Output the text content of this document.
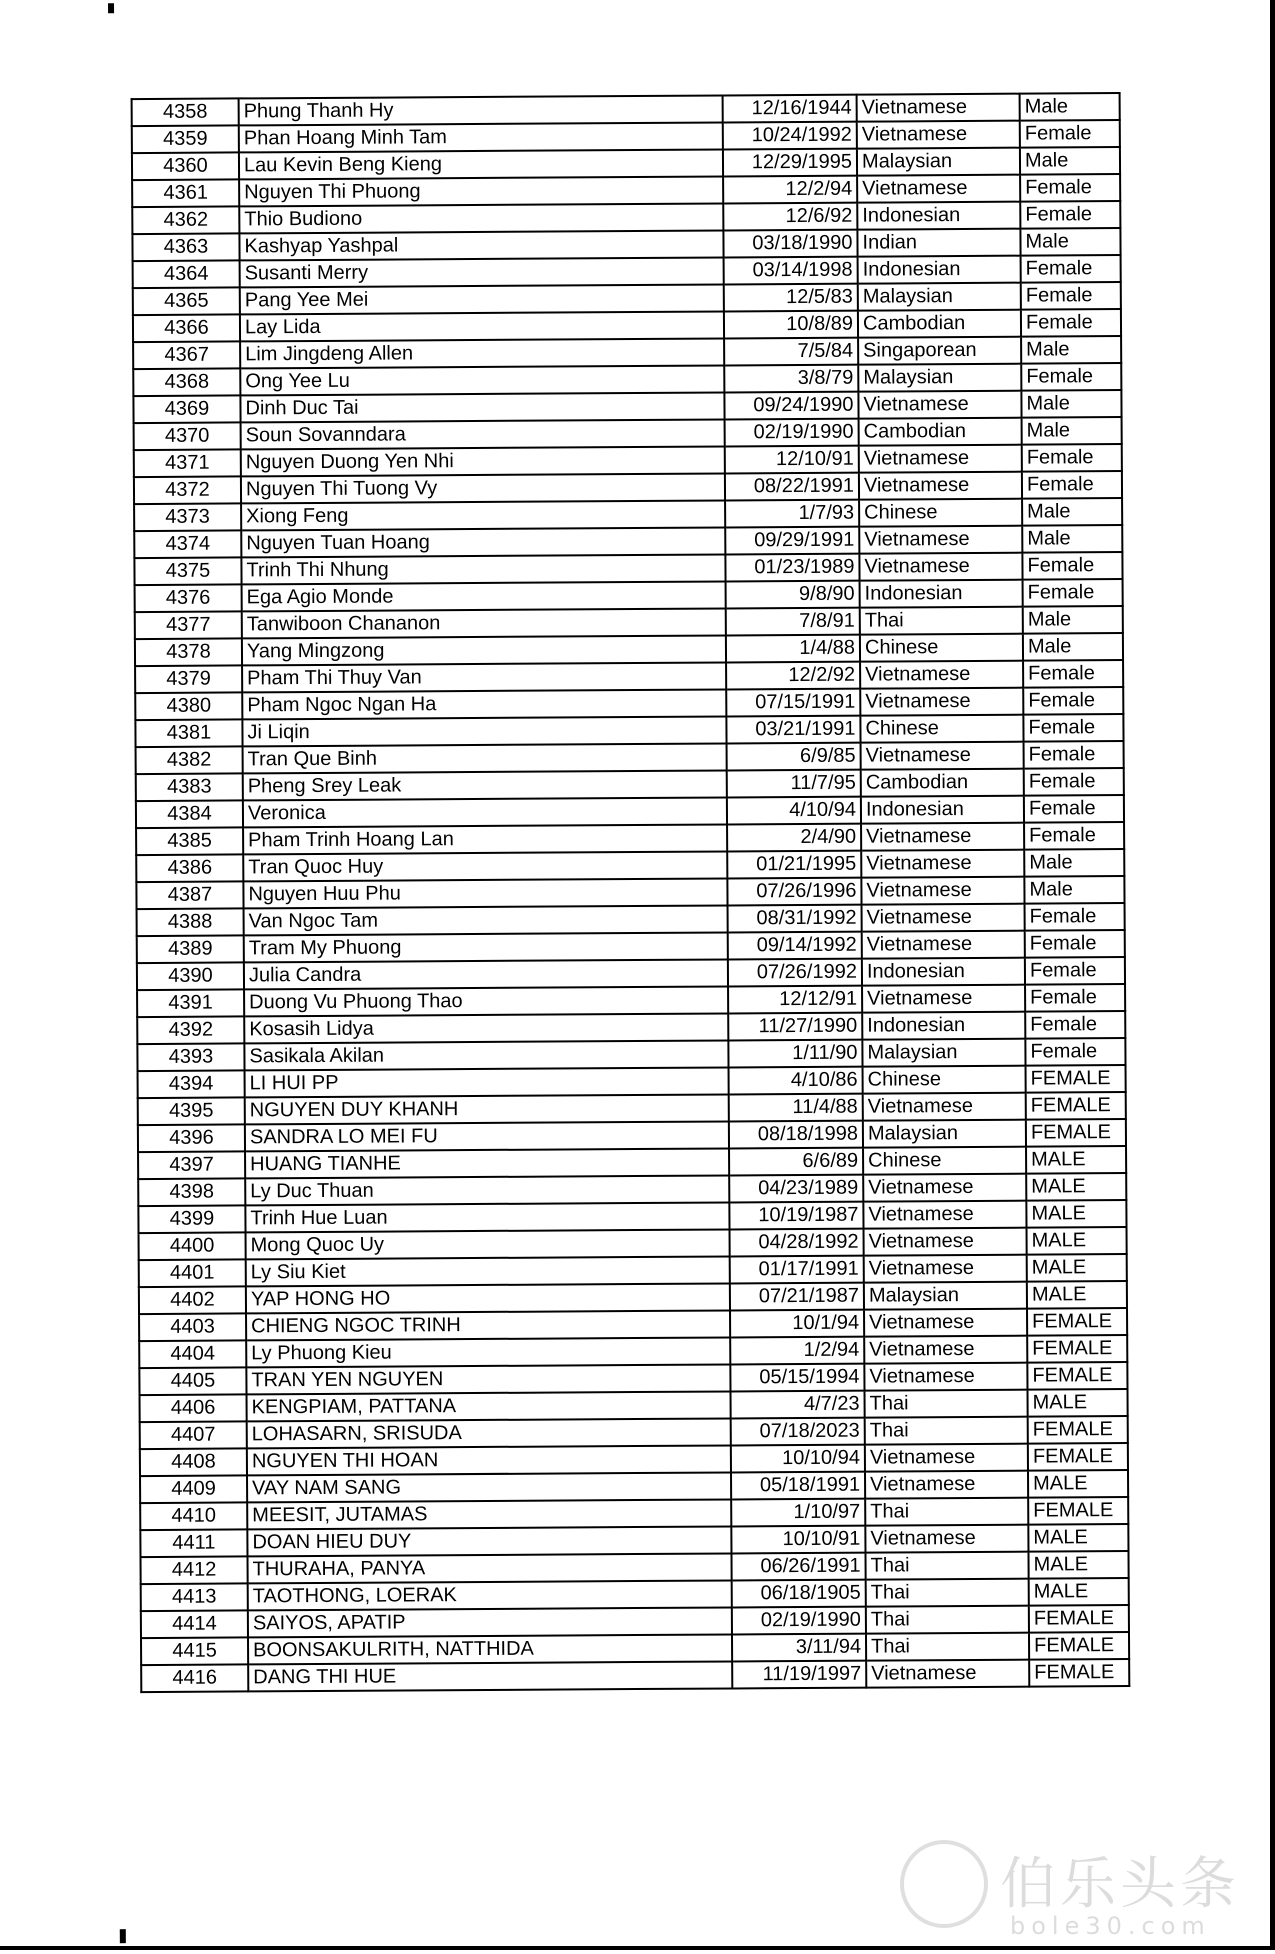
4358	Phung Thanh Hy	12/16/1944	Vietnamese	Male
4359	Phan Hoang Minh Tam	10/24/1992	Vietnamese	Female
4360	Lau Kevin Beng Kieng	12/29/1995	Malaysian	Male
4361	Nguyen Thi Phuong	12/2/94	Vietnamese	Female
4362	Thio Budiono	12/6/92	Indonesian	Female
4363	Kashyap Yashpal	03/18/1990	Indian	Male
4364	Susanti Merry	03/14/1998	Indonesian	Female
4365	Pang Yee Mei	12/5/83	Malaysian	Female
4366	Lay Lida	10/8/89	Cambodian	Female
4367	Lim Jingdeng Allen	7/5/84	Singaporean	Male
4368	Ong Yee Lu	3/8/79	Malaysian	Female
4369	Dinh Duc Tai	09/24/1990	Vietnamese	Male
4370	Soun Sovanndara	02/19/1990	Cambodian	Male
4371	Nguyen Duong Yen Nhi	12/10/91	Vietnamese	Female
4372	Nguyen Thi Tuong Vy	08/22/1991	Vietnamese	Female
4373	Xiong Feng	1/7/93	Chinese	Male
4374	Nguyen Tuan Hoang	09/29/1991	Vietnamese	Male
4375	Trinh Thi Nhung	01/23/1989	Vietnamese	Female
4376	Ega Agio Monde	9/8/90	Indonesian	Female
4377	Tanwiboon Chananon	7/8/91	Thai	Male
4378	Yang Mingzong	1/4/88	Chinese	Male
4379	Pham Thi Thuy Van	12/2/92	Vietnamese	Female
4380	Pham Ngoc Ngan Ha	07/15/1991	Vietnamese	Female
4381	Ji Liqin	03/21/1991	Chinese	Female
4382	Tran Que Binh	6/9/85	Vietnamese	Female
4383	Pheng Srey Leak	11/7/95	Cambodian	Female
4384	Veronica	4/10/94	Indonesian	Female
4385	Pham Trinh Hoang Lan	2/4/90	Vietnamese	Female
4386	Tran Quoc Huy	01/21/1995	Vietnamese	Male
4387	Nguyen Huu Phu	07/26/1996	Vietnamese	Male
4388	Van Ngoc Tam	08/31/1992	Vietnamese	Female
4389	Tram My Phuong	09/14/1992	Vietnamese	Female
4390	Julia Candra	07/26/1992	Indonesian	Female
4391	Duong Vu Phuong Thao	12/12/91	Vietnamese	Female
4392	Kosasih Lidya	11/27/1990	Indonesian	Female
4393	Sasikala Akilan	1/11/90	Malaysian	Female
4394	LI HUI PP	4/10/86	Chinese	FEMALE
4395	NGUYEN DUY KHANH	11/4/88	Vietnamese	FEMALE
4396	SANDRA LO MEI FU	08/18/1998	Malaysian	FEMALE
4397	HUANG TIANHE	6/6/89	Chinese	MALE
4398	Ly Duc Thuan	04/23/1989	Vietnamese	MALE
4399	Trinh Hue Luan	10/19/1987	Vietnamese	MALE
4400	Mong Quoc Uy	04/28/1992	Vietnamese	MALE
4401	Ly Siu Kiet	01/17/1991	Vietnamese	MALE
4402	YAP HONG HO	07/21/1987	Malaysian	MALE
4403	CHIENG NGOC TRINH	10/1/94	Vietnamese	FEMALE
4404	Ly Phuong Kieu	1/2/94	Vietnamese	FEMALE
4405	TRAN YEN NGUYEN	05/15/1994	Vietnamese	FEMALE
4406	KENGPIAM, PATTANA	4/7/23	Thai	MALE
4407	LOHASARN, SRISUDA	07/18/2023	Thai	FEMALE
4408	NGUYEN THI HOAN	10/10/94	Vietnamese	FEMALE
4409	VAY NAM SANG	05/18/1991	Vietnamese	MALE
4410	MEESIT, JUTAMAS	1/10/97	Thai	FEMALE
4411	DOAN HIEU DUY	10/10/91	Vietnamese	MALE
4412	THURAHA, PANYA	06/26/1991	Thai	MALE
4413	TAOTHONG, LOERAK	06/18/1905	Thai	MALE
4414	SAIYOS, APATIP	02/19/1990	Thai	FEMALE
4415	BOONSAKULRITH, NATTHIDA	3/11/94	Thai	FEMALE
4416	DANG THI HUE	11/19/1997	Vietnamese	FEMALE
伯乐头条
bole30.com
